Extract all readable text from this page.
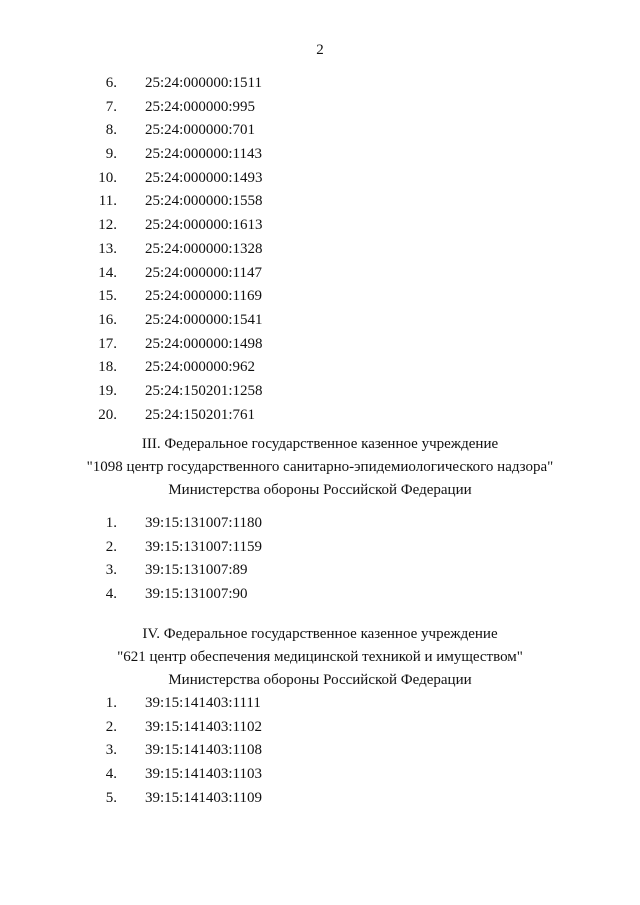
2
6. 25:24:000000:1511
7. 25:24:000000:995
8. 25:24:000000:701
9. 25:24:000000:1143
10. 25:24:000000:1493
11. 25:24:000000:1558
12. 25:24:000000:1613
13. 25:24:000000:1328
14. 25:24:000000:1147
15. 25:24:000000:1169
16. 25:24:000000:1541
17. 25:24:000000:1498
18. 25:24:000000:962
19. 25:24:150201:1258
20. 25:24:150201:761
III. Федеральное государственное казенное учреждение
"1098 центр государственного санитарно-эпидемиологического надзора"
Министерства обороны Российской Федерации
1. 39:15:131007:1180
2. 39:15:131007:1159
3. 39:15:131007:89
4. 39:15:131007:90
IV. Федеральное государственное казенное учреждение
"621 центр обеспечения медицинской техникой и имуществом"
Министерства обороны Российской Федерации
1. 39:15:141403:1111
2. 39:15:141403:1102
3. 39:15:141403:1108
4. 39:15:141403:1103
5. 39:15:141403:1109
